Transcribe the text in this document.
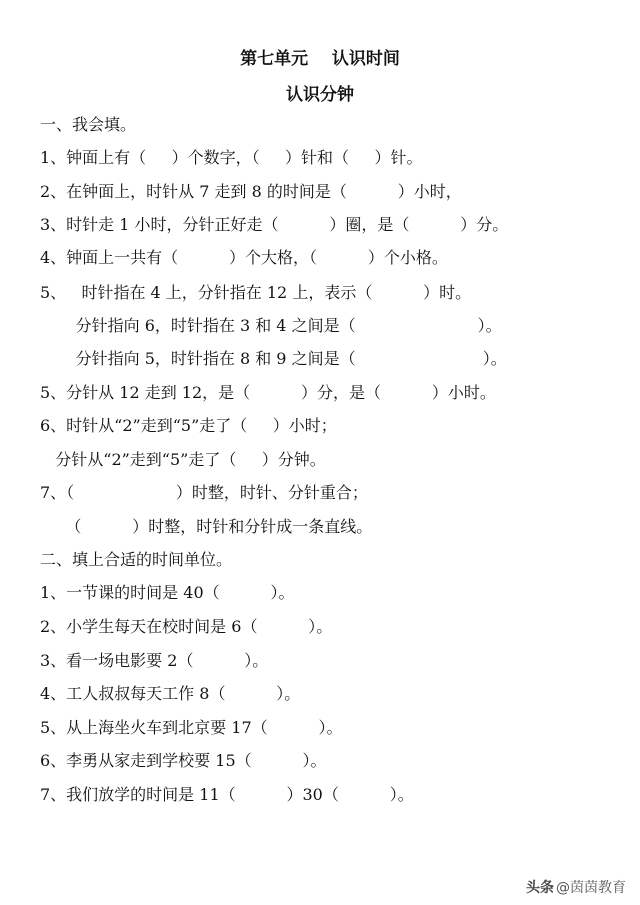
第七单元    认识时间
认识分钟
一、我会填。
1、钟面上有（     ）个数字，（     ）针和（     ）针。
2、在钟面上，时针从 7 走到 8 的时间是（          ）小时，
3、时针走 1 小时，分针正好走（          ）圈，是（          ）分。
4、钟面上一共有（          ）个大格，（          ）个小格。
5、   时针指在 4 上，分针指在 12 上，表示（          ）时。
分针指向 6，时针指在 3 和 4 之间是（                        ）。
分针指向 5，时针指在 8 和 9 之间是（                         ）。
5、分针从 12 走到 12，是（          ）分，是（          ）小时。
6、时针从“2”走到“5”走了（     ）小时；
分针从“2”走到“5”走了（     ）分钟。
7、（                    ）时整，时针、分针重合；
（          ）时整，时针和分针成一条直线。
二、填上合适的时间单位。
1、一节课的时间是 40（          ）。
2、小学生每天在校时间是 6（          ）。
3、看一场电影要 2（          ）。
4、工人叔叔每天工作 8（          ）。
5、从上海坐火车到北京要 17（          ）。
6、李勇从家走到学校要 15（          ）。
7、我们放学的时间是 11（          ）30（          ）。
头条 @茵茵教育
